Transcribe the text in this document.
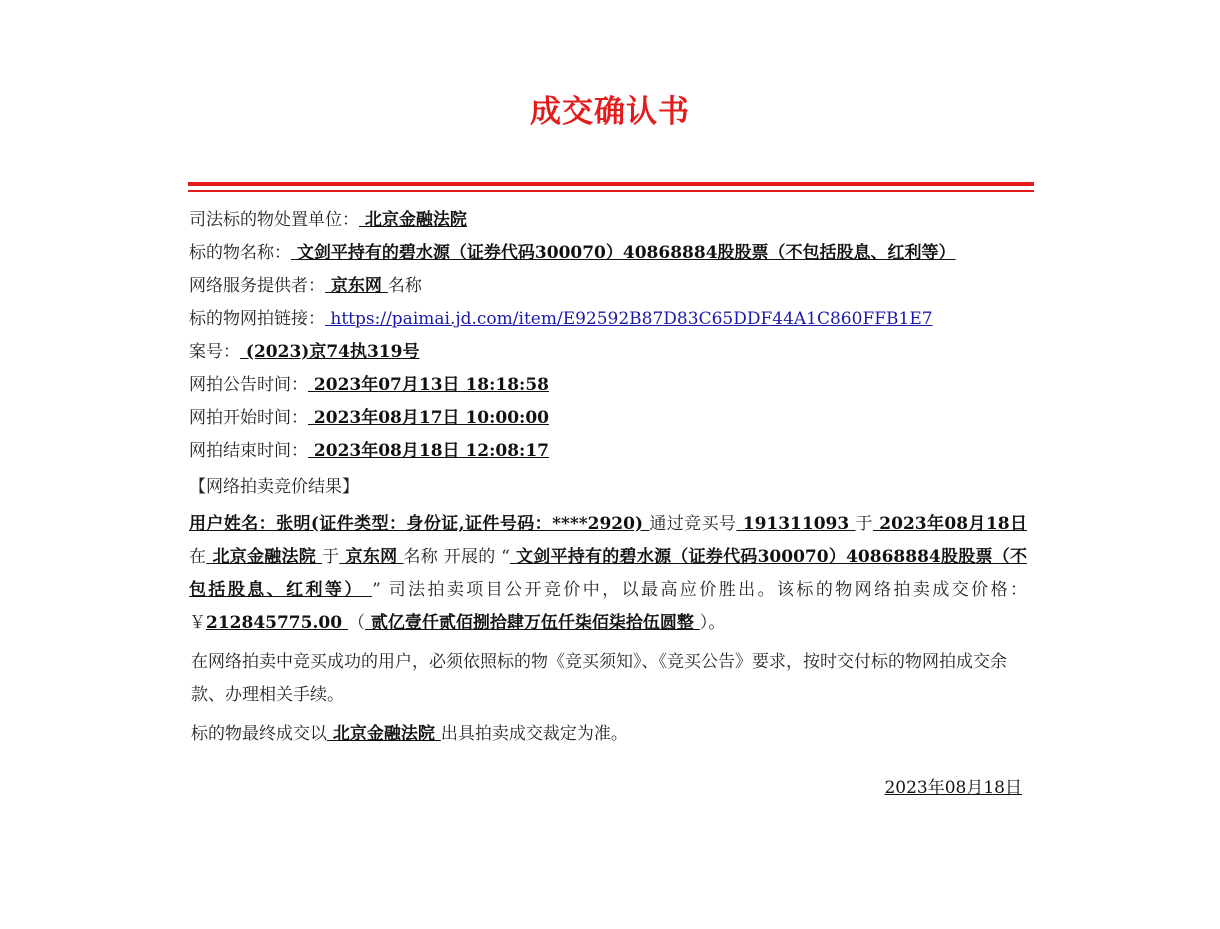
成交确认书
司法标的物处置单位： 北京金融法院
标的物名称： 文剑平持有的碧水源（证券代码300070）40868884股股票（不包括股息、红利等）
网络服务提供者： 京东网 名称
标的物网拍链接： https://paimai.jd.com/item/E92592B87D83C65DDF44A1C860FFB1E7
案号： (2023)京74执319号
网拍公告时间： 2023年07月13日 18:18:58
网拍开始时间： 2023年08月17日 10:00:00
网拍结束时间： 2023年08月18日 12:08:17
【网络拍卖竞价结果】
用户姓名：张明(证件类型：身份证,证件号码：****2920) 通过竞买号 191311093 于 2023年08月18日 在 北京金融法院 于 京东网 名称 开展的 “ 文剑平持有的碧水源（证券代码300070）40868884股股票（不包括股息、红利等） ” 司法拍卖项目公开竞价中，以最高应价胜出。该标的物网络拍卖成交价格：￥212845775.00 （ 贰亿壹仟贰佰捌拾肆万伍仟柒佰柒拾伍圆整 ）。
在网络拍卖中竞买成功的用户，必须依照标的物《竞买须知》、《竞买公告》要求，按时交付标的物网拍成交余款、办理相关手续。
标的物最终成交以 北京金融法院 出具拍卖成交裁定为准。
2023年08月18日
